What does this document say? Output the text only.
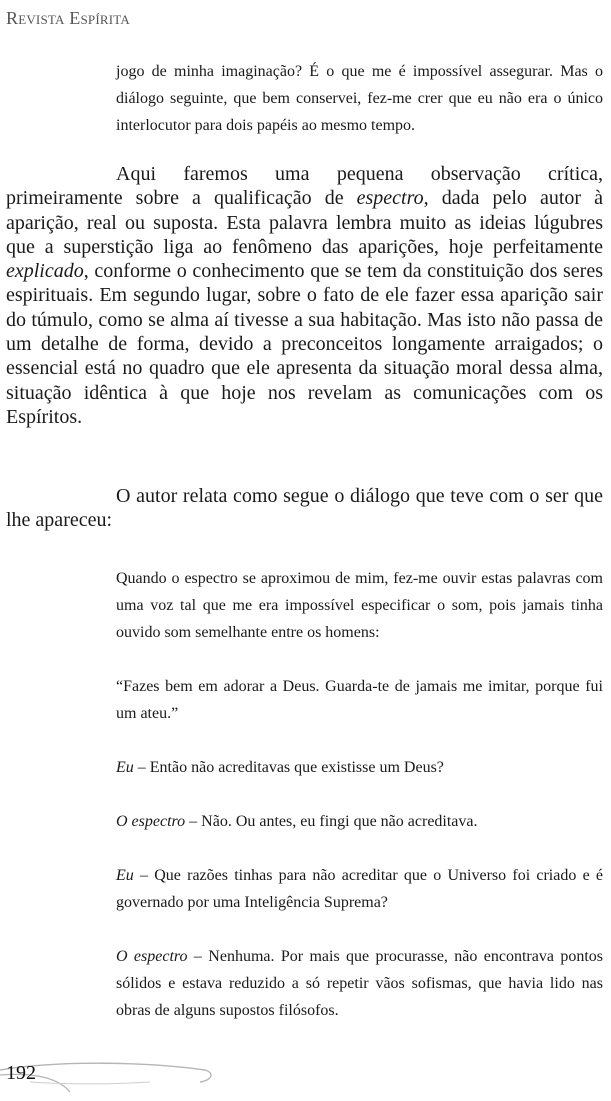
Revista Espírita

jogo de minha imaginação? É o que me é impossível assegurar. Mas o diálogo seguinte, que bem conservei, fez-me crer que eu não era o único interlocutor para dois papéis ao mesmo tempo.

Aqui faremos uma pequena observação crítica, primeiramente sobre a qualificação de espectro, dada pelo autor à aparição, real ou suposta. Esta palavra lembra muito as ideias lúgubres que a superstição liga ao fenômeno das aparições, hoje perfeitamente explicado, conforme o conhecimento que se tem da constituição dos seres espirituais. Em segundo lugar, sobre o fato de ele fazer essa aparição sair do túmulo, como se alma aí tivesse a sua habitação. Mas isto não passa de um detalhe de forma, devido a preconceitos longamente arraigados; o essencial está no quadro que ele apresenta da situação moral dessa alma, situação idêntica à que hoje nos revelam as comunicações com os Espíritos.

O autor relata como segue o diálogo que teve com o ser que lhe apareceu:

Quando o espectro se aproximou de mim, fez-me ouvir estas palavras com uma voz tal que me era impossível especificar o som, pois jamais tinha ouvido som semelhante entre os homens:

“Fazes bem em adorar a Deus. Guarda-te de jamais me imitar, porque fui um ateu.”

Eu – Então não acreditavas que existisse um Deus?

O espectro – Não. Ou antes, eu fingi que não acreditava.

Eu – Que razões tinhas para não acreditar que o Universo foi criado e é governado por uma Inteligência Suprema?

O espectro – Nenhuma. Por mais que procurasse, não encontrava pontos sólidos e estava reduzido a só repetir vãos sofismas, que havia lido nas obras de alguns supostos filósofos.

192
